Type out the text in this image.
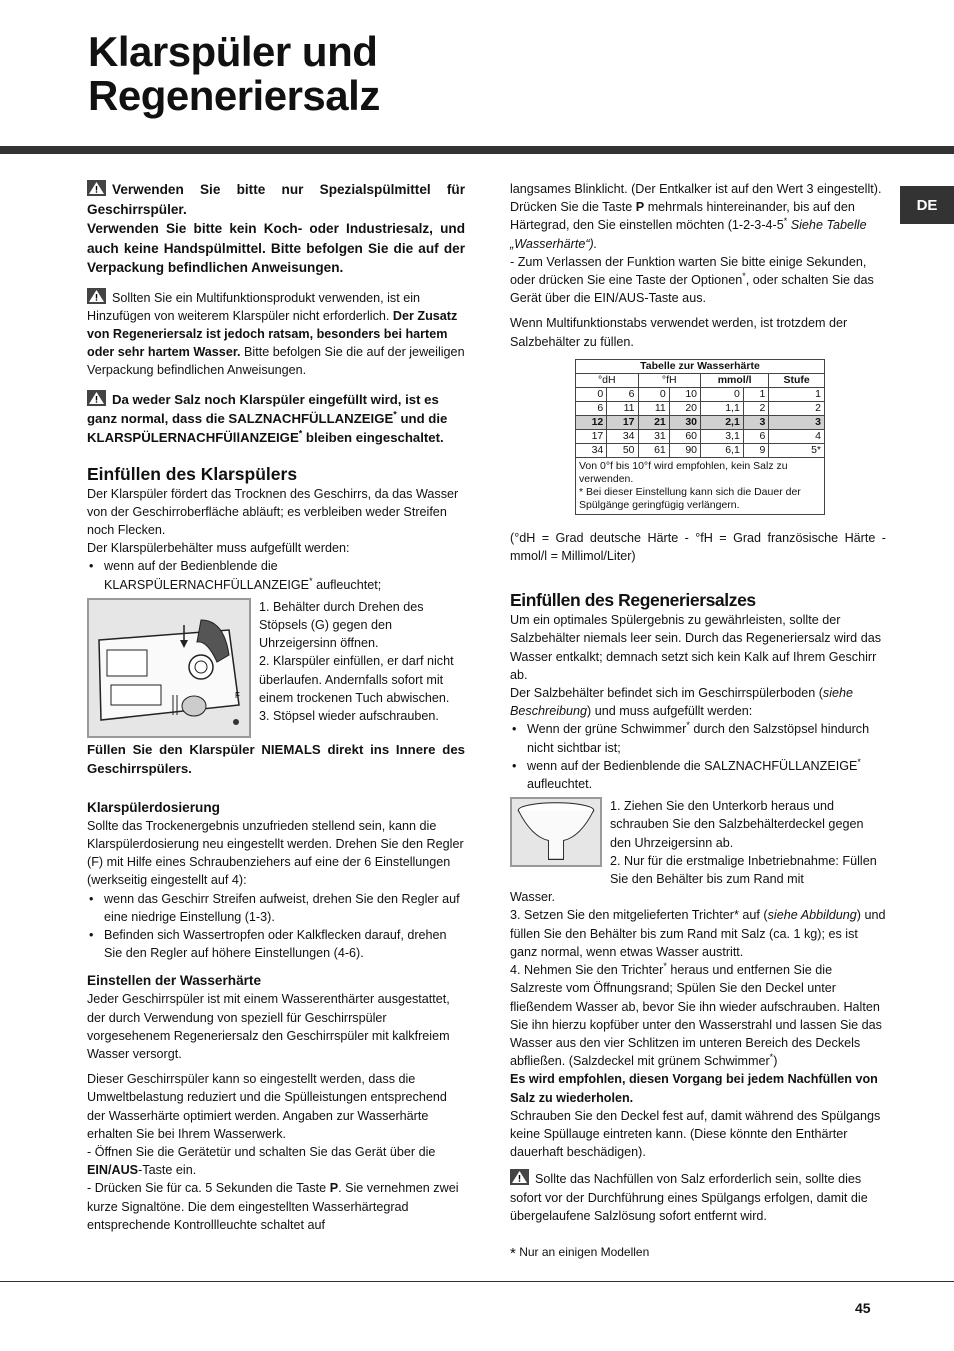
Klarspüler und
Regeneriersalz
DE

Verwenden Sie bitte nur Spezialspülmittel für Geschirrspüler.
Verwenden Sie bitte kein Koch- oder Industriesalz, und auch keine Handspülmittel. Bitte befolgen Sie die auf der Verpackung befindlichen Anweisungen.

Sollten Sie ein Multifunktionsprodukt verwenden, ist ein Hinzufügen von weiterem Klarspüler nicht erforderlich. Der Zusatz von Regeneriersalz ist jedoch ratsam, besonders bei hartem oder sehr hartem Wasser. Bitte befolgen Sie die auf der jeweiligen Verpackung befindlichen Anweisungen.

Da weder Salz noch Klarspüler eingefüllt wird, ist es ganz normal, dass die SALZNACHFÜLLANZEIGE* und die KLARSPÜLERNACHFÜllANZEIGE* bleiben eingeschaltet.

Einfüllen des Klarspülers

Der Klarspüler fördert das Trocknen des Geschirrs, da das Wasser von der Geschirroberfläche abläuft; es verbleiben weder Streifen noch Flecken.

Der Klarspülerbehälter muss aufgefüllt werden:

• wenn auf der Bedienblende die KLARSPÜLERNACHFÜLLANZEIGE* aufleuchtet;
F

1. Behälter durch Drehen des Stöpsels (G) gegen den Uhrzeigersinn öffnen.

2. Klarspüler einfüllen, er darf nicht überlaufen. Andernfalls sofort mit einem trockenen Tuch abwischen.

3. Stöpsel wieder aufschrauben.

Füllen Sie den Klarspüler NIEMALS direkt ins Innere des Geschirrspülers.

Klarspülerdosierung

Sollte das Trockenergebnis unzufrieden stellend sein, kann die Klarspülerdosierung neu eingestellt werden. Drehen Sie den Regler (F) mit Hilfe eines Schraubenziehers auf eine der 6 Einstellungen (werkseitig eingestellt auf 4):

• wenn das Geschirr Streifen aufweist, drehen Sie den Regler auf eine niedrige Einstellung (1-3).
• Befinden sich Wassertropfen oder Kalkflecken darauf, drehen Sie den Regler auf höhere Einstellungen (4-6).
Einstellen der Wasserhärte

Jeder Geschirrspüler ist mit einem Wasserenthärter ausgestattet, der durch Verwendung von speziell für Geschirrspüler vorgesehenem Regeneriersalz den Geschirrspüler mit kalkfreiem Wasser versorgt.

Dieser Geschirrspüler kann so eingestellt werden, dass die Umweltbelastung reduziert und die Spülleistungen entsprechend der Wasserhärte optimiert werden. Angaben zur Wasserhärte erhalten Sie bei Ihrem Wasserwerk.

- Öffnen Sie die Gerätetür und schalten Sie das Gerät über die EIN/AUS-Taste ein.

- Drücken Sie für ca. 5 Sekunden die Taste P. Sie vernehmen zwei kurze Signaltöne. Die dem eingestellten Wasserhärtegrad entsprechende Kontrollleuchte schaltet auf

langsames Blinklicht. (Der Entkalker ist auf den Wert 3 eingestellt).

Drücken Sie die Taste P mehrmals hintereinander, bis auf den Härtegrad, den Sie einstellen möchten (1-2-3-4-5* Siehe Tabelle „Wasserhärte“).

- Zum Verlassen der Funktion warten Sie bitte einige Sekunden, oder drücken Sie eine Taste der Optionen*, oder schalten Sie das Gerät über die EIN/AUS-Taste aus.

Wenn Multifunktionstabs verwendet werden, ist trotzdem der Salzbehälter zu füllen.

Tabelle zur Wasserhärte						
°dH		°fH		mmol/l		Stufe
0	6	0	10	0	1	1
6	11	11	20	1,1	2	2
12	17	21	30	2,1	3	3
17	34	31	60	3,1	6	4
34	50	61	90	6,1	9	5*
Von 0°f bis 10°f wird empfohlen, kein Salz zu verwenden.
* Bei dieser Einstellung kann sich die Dauer der Spülgänge geringfügig verlängern.						

(°dH = Grad deutsche Härte - °fH = Grad französische Härte - mmol/l = Millimol/Liter)

Einfüllen des Regeneriersalzes

Um ein optimales Spülergebnis zu gewährleisten, sollte der Salzbehälter niemals leer sein. Durch das Regeneriersalz wird das Wasser entkalkt; demnach setzt sich kein Kalk auf Ihrem Geschirr ab.

Der Salzbehälter befindet sich im Geschirrspülerboden (siehe Beschreibung) und muss aufgefüllt werden:

• Wenn der grüne Schwimmer* durch den Salzstöpsel hindurch nicht sichtbar ist;
• wenn auf der Bedienblende die SALZNACHFÜLLANZEIGE* aufleuchtet.

1. Ziehen Sie den Unterkorb heraus und schrauben Sie den Salzbehälterdeckel gegen den Uhrzeigersinn ab.

2. Nur für die erstmalige Inbetriebnahme: Füllen Sie den Behälter bis zum Rand mit

Wasser.

3. Setzen Sie den mitgelieferten Trichter* auf (siehe Abbildung) und füllen Sie den Behälter bis zum Rand mit Salz (ca. 1 kg); es ist ganz normal, wenn etwas Wasser austritt.

4. Nehmen Sie den Trichter* heraus und entfernen Sie die Salzreste vom Öffnungsrand; Spülen Sie den Deckel unter fließendem Wasser ab, bevor Sie ihn wieder aufschrauben. Halten Sie ihn hierzu kopfüber unter den Wasserstrahl und lassen Sie das Wasser aus den vier Schlitzen im unteren Bereich des Deckels abfließen. (Salzdeckel mit grünem Schwimmer*)

Es wird empfohlen, diesen Vorgang bei jedem Nachfüllen von Salz zu wiederholen.

Schrauben Sie den Deckel fest auf, damit während des Spülgangs keine Spüllauge eintreten kann. (Diese könnte den Enthärter dauerhaft beschädigen).

Sollte das Nachfüllen von Salz erforderlich sein, sollte dies sofort vor der Durchführung eines Spülgangs erfolgen, damit die übergelaufene Salzlösung sofort entfernt wird.

* Nur an einigen Modellen

45
